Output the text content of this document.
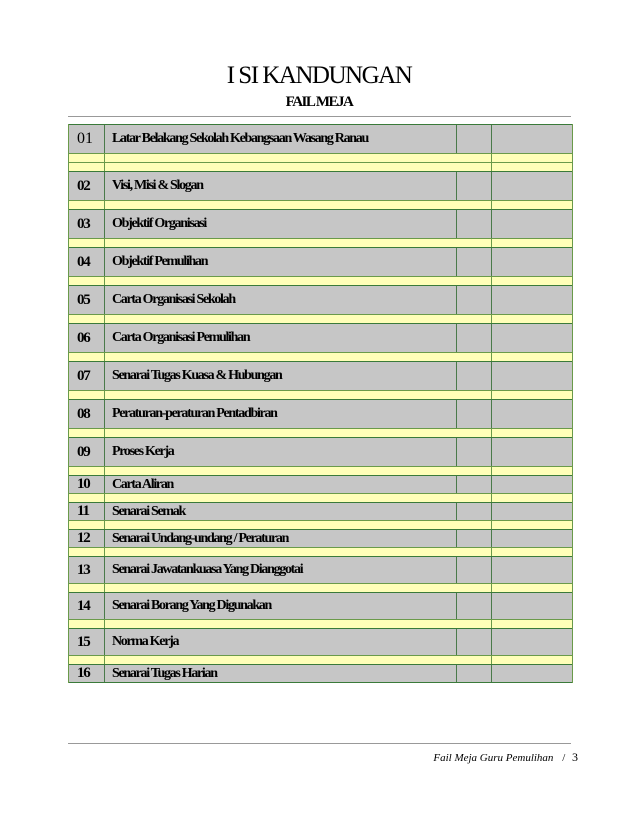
I SI KANDUNGAN
FAIL MEJA
01 Latar Belakang Sekolah Kebangsaan Wasang Ranau
02 Visi, Misi & Slogan
03 Objektif Organisasi
04 Objektif Pemulihan
05 Carta Organisasi Sekolah
06 Carta Organisasi Pemulihan
07 Senarai Tugas Kuasa & Hubungan
08 Peraturan-peraturan Pentadbiran
09 Proses Kerja
10 Carta Aliran
11 Senarai Semak
12 Senarai Undang-undang / Peraturan
13 Senarai Jawatankuasa Yang Dianggotai
14 Senarai Borang Yang Digunakan
15 Norma Kerja
16 Senarai Tugas Harian
Fail Meja Guru Pemulihan / 3
